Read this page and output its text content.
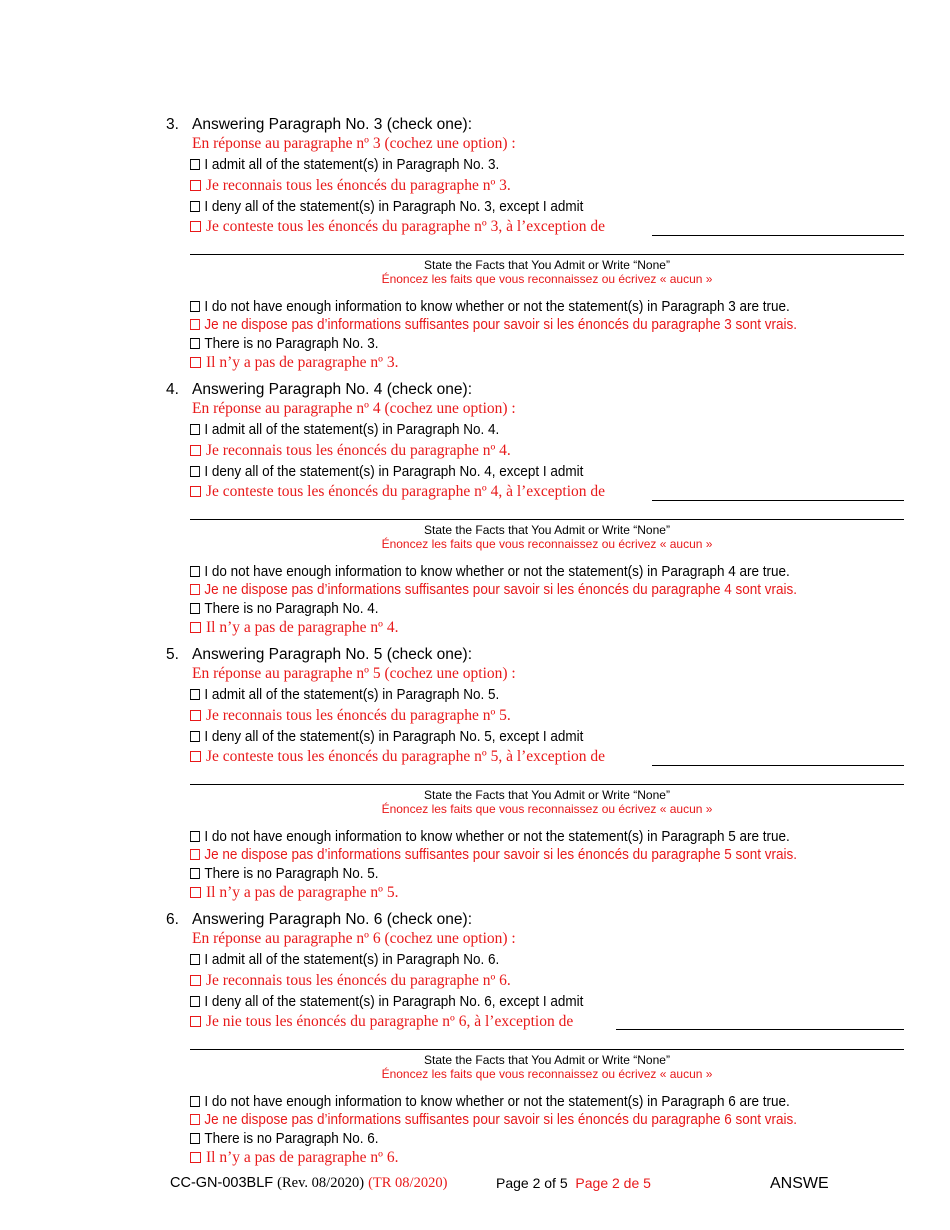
3. Answering Paragraph No. 3 (check one):
En réponse au paragraphe nº 3 (cochez une option) :
I admit all of the statement(s) in Paragraph No. 3.
Je reconnais tous les énoncés du paragraphe nº 3.
I deny all of the statement(s) in Paragraph No. 3, except I admit
Je conteste tous les énoncés du paragraphe nº 3, à l’exception de
State the Facts that You Admit or Write “None”
Énoncez les faits que vous reconnaissez ou écrivez « aucun »
I do not have enough information to know whether or not the statement(s) in Paragraph 3 are true.
Je ne dispose pas d’informations suffisantes pour savoir si les énoncés du paragraphe 3 sont vrais.
There is no Paragraph No. 3.
Il n’y a pas de paragraphe nº 3.
4. Answering Paragraph No. 4 (check one):
En réponse au paragraphe nº 4 (cochez une option) :
I admit all of the statement(s) in Paragraph No. 4.
Je reconnais tous les énoncés du paragraphe nº 4.
I deny all of the statement(s) in Paragraph No. 4, except I admit
Je conteste tous les énoncés du paragraphe nº 4, à l’exception de
State the Facts that You Admit or Write “None”
Énoncez les faits que vous reconnaissez ou écrivez « aucun »
I do not have enough information to know whether or not the statement(s) in Paragraph 4 are true.
Je ne dispose pas d’informations suffisantes pour savoir si les énoncés du paragraphe 4 sont vrais.
There is no Paragraph No. 4.
Il n’y a pas de paragraphe nº 4.
5. Answering Paragraph No. 5 (check one):
En réponse au paragraphe nº 5 (cochez une option) :
I admit all of the statement(s) in Paragraph No. 5.
Je reconnais tous les énoncés du paragraphe nº 5.
I deny all of the statement(s) in Paragraph No. 5, except I admit
Je conteste tous les énoncés du paragraphe nº 5, à l’exception de
State the Facts that You Admit or Write “None”
Énoncez les faits que vous reconnaissez ou écrivez « aucun »
I do not have enough information to know whether or not the statement(s) in Paragraph 5 are true.
Je ne dispose pas d’informations suffisantes pour savoir si les énoncés du paragraphe 5 sont vrais.
There is no Paragraph No. 5.
Il n’y a pas de paragraphe nº 5.
6. Answering Paragraph No. 6 (check one):
En réponse au paragraphe nº 6 (cochez une option) :
I admit all of the statement(s) in Paragraph No. 6.
Je reconnais tous les énoncés du paragraphe nº 6.
I deny all of the statement(s) in Paragraph No. 6, except I admit
Je nie tous les énoncés du paragraphe nº 6, à l’exception de
State the Facts that You Admit or Write “None”
Énoncez les faits que vous reconnaissez ou écrivez « aucun »
I do not have enough information to know whether or not the statement(s) in Paragraph 6 are true.
Je ne dispose pas d’informations suffisantes pour savoir si les énoncés du paragraphe 6 sont vrais.
There is no Paragraph No. 6.
Il n’y a pas de paragraphe nº 6.
CC-GN-003BLF (Rev. 08/2020) (TR 08/2020)	Page 2 of 5 Page 2 de 5	ANSWE
